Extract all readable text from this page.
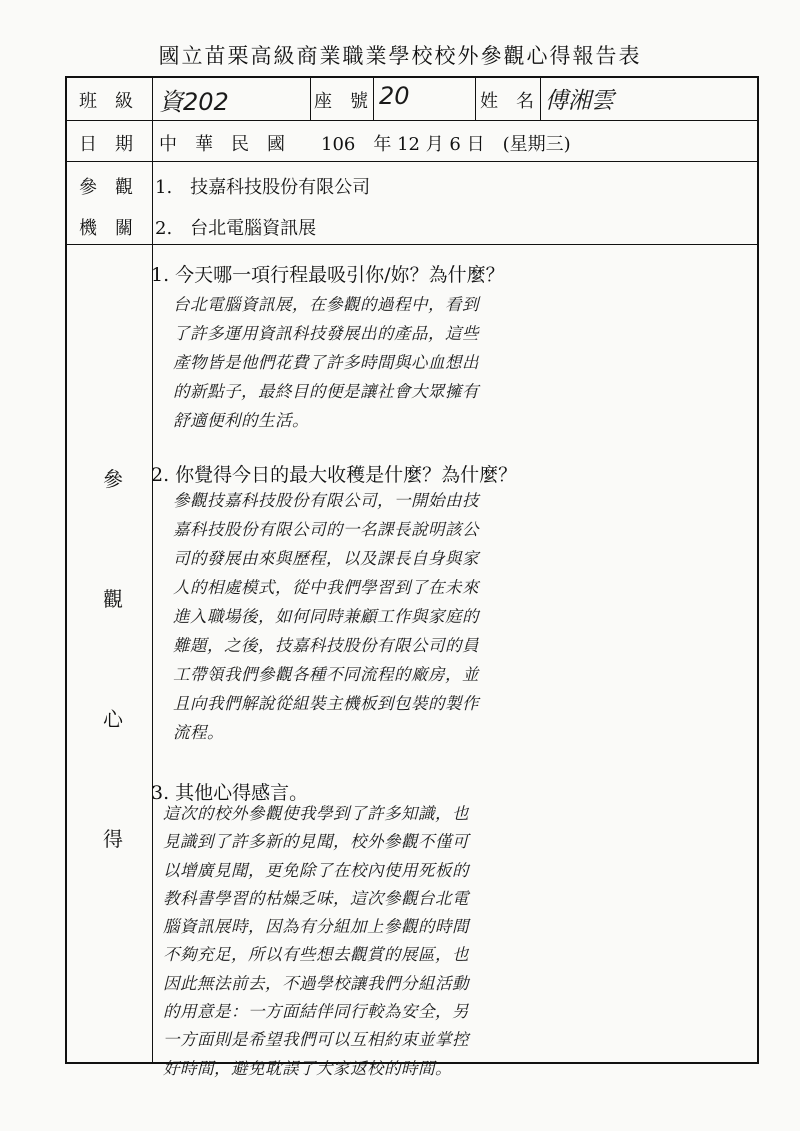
國立苗栗高級商業職業學校校外參觀心得報告表
班　級 資202	座　號 20	姓　名 傅湘雲
日　期 中　華　民　國　　106　年 12 月 6 日　(星期三)
參　觀
機　關
1.　技嘉科技股份有限公司
2.　台北電腦資訊展
參
觀
心
得
1. 今天哪一項行程最吸引你/妳？為什麼？
台北電腦資訊展，在參觀的過程中，看到
了許多運用資訊科技發展出的產品，這些
產物皆是他們花費了許多時間與心血想出
的新點子，最終目的便是讓社會大眾擁有
舒適便利的生活。
2. 你覺得今日的最大收穫是什麼？為什麼？
參觀技嘉科技股份有限公司，一開始由技
嘉科技股份有限公司的一名課長說明該公
司的發展由來與歷程，以及課長自身與家
人的相處模式，從中我們學習到了在未來
進入職場後，如何同時兼顧工作與家庭的
難題，之後，技嘉科技股份有限公司的員
工帶領我們參觀各種不同流程的廠房，並
且向我們解說從組裝主機板到包裝的製作
流程。
3. 其他心得感言。
這次的校外參觀使我學到了許多知識，也
見識到了許多新的見聞，校外參觀不僅可
以增廣見聞，更免除了在校內使用死板的
教科書學習的枯燥乏味，這次參觀台北電
腦資訊展時，因為有分組加上參觀的時間
不夠充足，所以有些想去觀賞的展區，也
因此無法前去，不過學校讓我們分組活動
的用意是：一方面結伴同行較為安全，另
一方面則是希望我們可以互相約束並掌控
好時間，避免耽誤了大家返校的時間。
